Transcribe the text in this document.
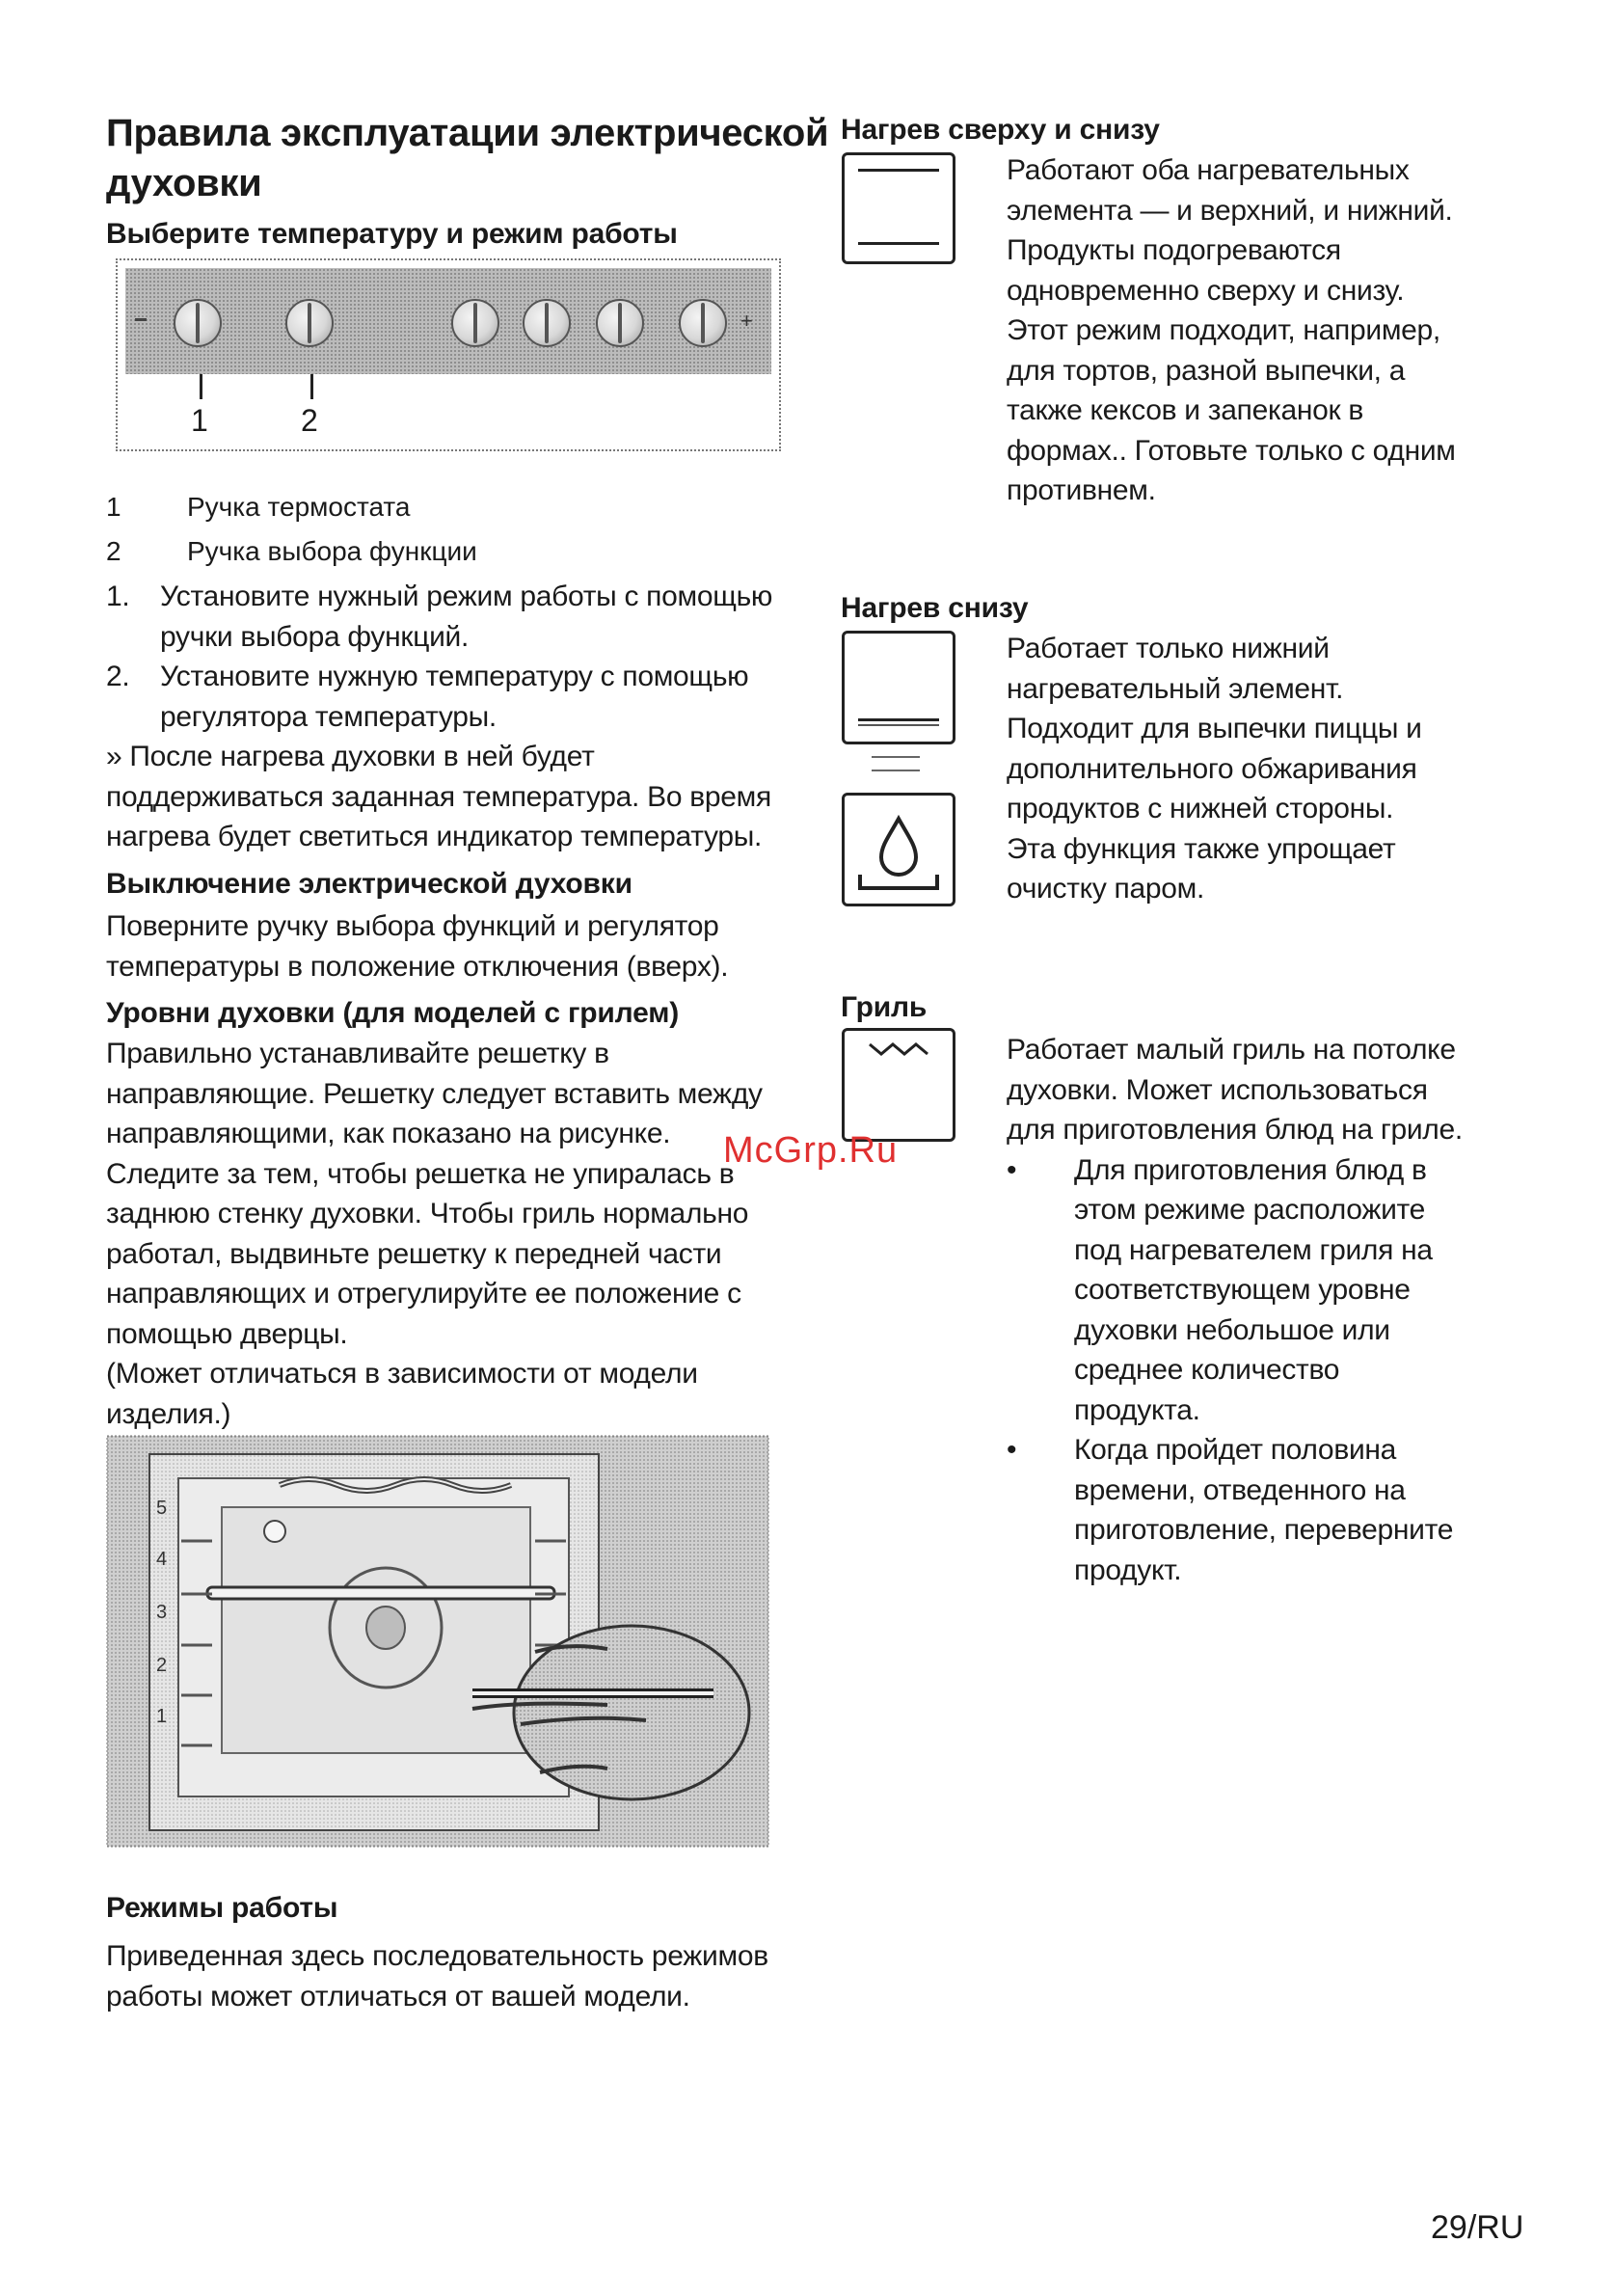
Правила эксплуатации электрической
духовки
Выберите температуру и режим работы
+
1	2
1 Ручка термостата
2 Ручка выбора функции
1. Установите нужный режим работы с помощью
ручки выбора функций.
2. Установите нужную температуру с помощью
регулятора температуры.
» После нагрева духовки в ней будет
поддерживаться заданная температура. Во время
нагрева будет светиться индикатор температуры.
Выключение электрической духовки
Поверните ручку выбора функций и регулятор
температуры в положение отключения (вверх).
Уровни духовки (для моделей с грилем)
Правильно устанавливайте решетку в
направляющие. Решетку следует вставить между
направляющими, как показано на рисунке.
Следите за тем, чтобы решетка не упиралась в
заднюю стенку духовки. Чтобы гриль нормально
работал, выдвиньте решетку к передней части
направляющих и отрегулируйте ее положение с
помощью дверцы.
(Может отличаться в зависимости от модели
изделия.)
5
4
3
2
1
Режимы работы
Приведенная здесь последовательность режимов
работы может отличаться от вашей модели.
Нагрев сверху и снизу
Работают оба нагревательных
элемента — и верхний, и нижний.
Продукты подогреваются
одновременно сверху и снизу.
Этот режим подходит, например,
для тортов, разной выпечки, а
также кексов и запеканок в
формах.. Готовьте только с одним
противнем.
Нагрев снизу
Работает только нижний
нагревательный элемент.
Подходит для выпечки пиццы и
дополнительного обжаривания
продуктов с нижней стороны.
Эта функция также упрощает
очистку паром.
Гриль
Работает малый гриль на потолке
духовки. Может использоваться
для приготовления блюд на гриле.
•	Для приготовления блюд в
этом режиме расположите
под нагревателем гриля на
соответствующем уровне
духовки небольшое или
среднее количество
продукта.
•	Когда пройдет половина
времени, отведенного на
приготовление, переверните
продукт.
McGrp.Ru
29/RU
